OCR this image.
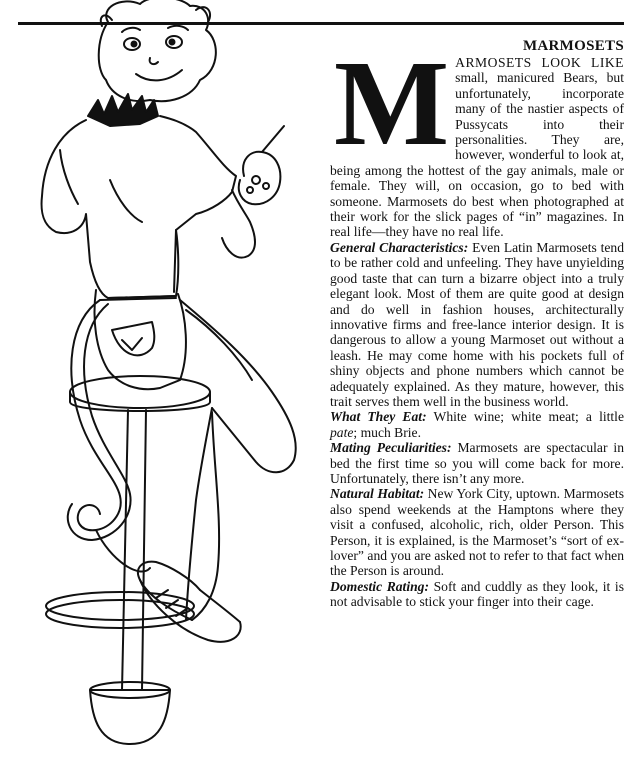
MARMOSETS
M ARMOSETS LOOK LIKE small, manicured Bears, but unfortunately, incorporate many of the nastier aspects of Pussycats into their personalities. They are, however, wonderful to look at, being among the hottest of the gay animals, male or female. They will, on occasion, go to bed with someone. Marmosets do best when photographed at their work for the slick pages of “in” magazines. In real life—they have no real life.

General Characteristics: Even Latin Marmosets tend to be rather cold and unfeeling. They have unyielding good taste that can turn a bizarre object into a truly elegant look. Most of them are quite good at design and do well in fashion houses, architecturally innovative firms and free-lance interior design. It is dangerous to allow a young Marmoset out without a leash. He may come home with his pockets full of shiny objects and phone numbers which cannot be adequately explained. As they mature, however, this trait serves them well in the business world.

What They Eat: White wine; white meat; a little pate; much Brie.

Mating Peculiarities: Marmosets are spectacular in bed the first time so you will come back for more. Unfortunately, there isn’t any more.

Natural Habitat: New York City, uptown. Marmosets also spend weekends at the Hamptons where they visit a confused, alcoholic, rich, older Person. This Person, it is explained, is the Marmoset’s “sort of ex-lover” and you are asked not to refer to that fact when the Person is around.

Domestic Rating: Soft and cuddly as they look, it is not advisable to stick your finger into their cage.
